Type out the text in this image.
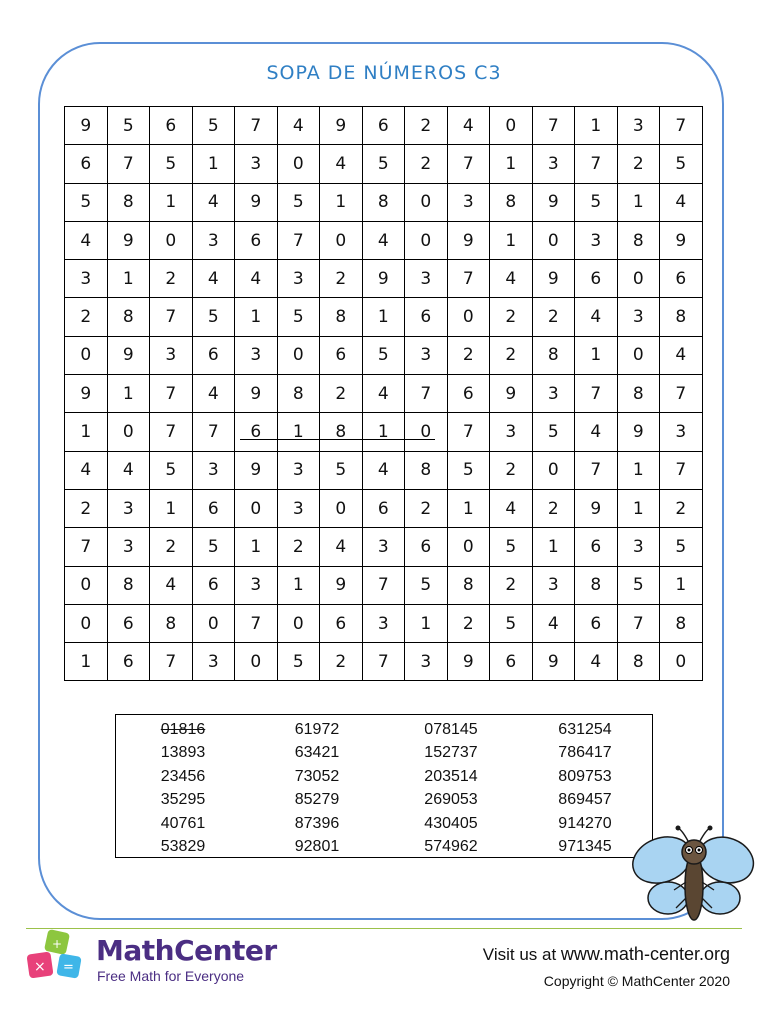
SOPA DE NÚMEROS C3
9	5	6	5	7	4	9	6	2	4	0	7	1	3	7
6	7	5	1	3	0	4	5	2	7	1	3	7	2	5
5	8	1	4	9	5	1	8	0	3	8	9	5	1	4
4	9	0	3	6	7	0	4	0	9	1	0	3	8	9
3	1	2	4	4	3	2	9	3	7	4	9	6	0	6
2	8	7	5	1	5	8	1	6	0	2	2	4	3	8
0	9	3	6	3	0	6	5	3	2	2	8	1	0	4
9	1	7	4	9	8	2	4	7	6	9	3	7	8	7
1	0	7	7	6	1	8	1	0	7	3	5	4	9	3
4	4	5	3	9	3	5	4	8	5	2	0	7	1	7
2	3	1	6	0	3	0	6	2	1	4	2	9	1	2
7	3	2	5	1	2	4	3	6	0	5	1	6	3	5
0	8	4	6	3	1	9	7	5	8	2	3	8	5	1
0	6	8	0	7	0	6	3	1	2	5	4	6	7	8
1	6	7	3	0	5	2	7	3	9	6	9	4	8	0
01816	61972	078145	631254
13893	63421	152737	786417
23456	73052	203514	809753
35295	85279	269053	869457
40761	87396	430405	914270
53829	92801	574962	971345
× =
+ MathCenter
Free Math for Everyone
Visit us at www.math-center.org
Copyright © MathCenter 2020
